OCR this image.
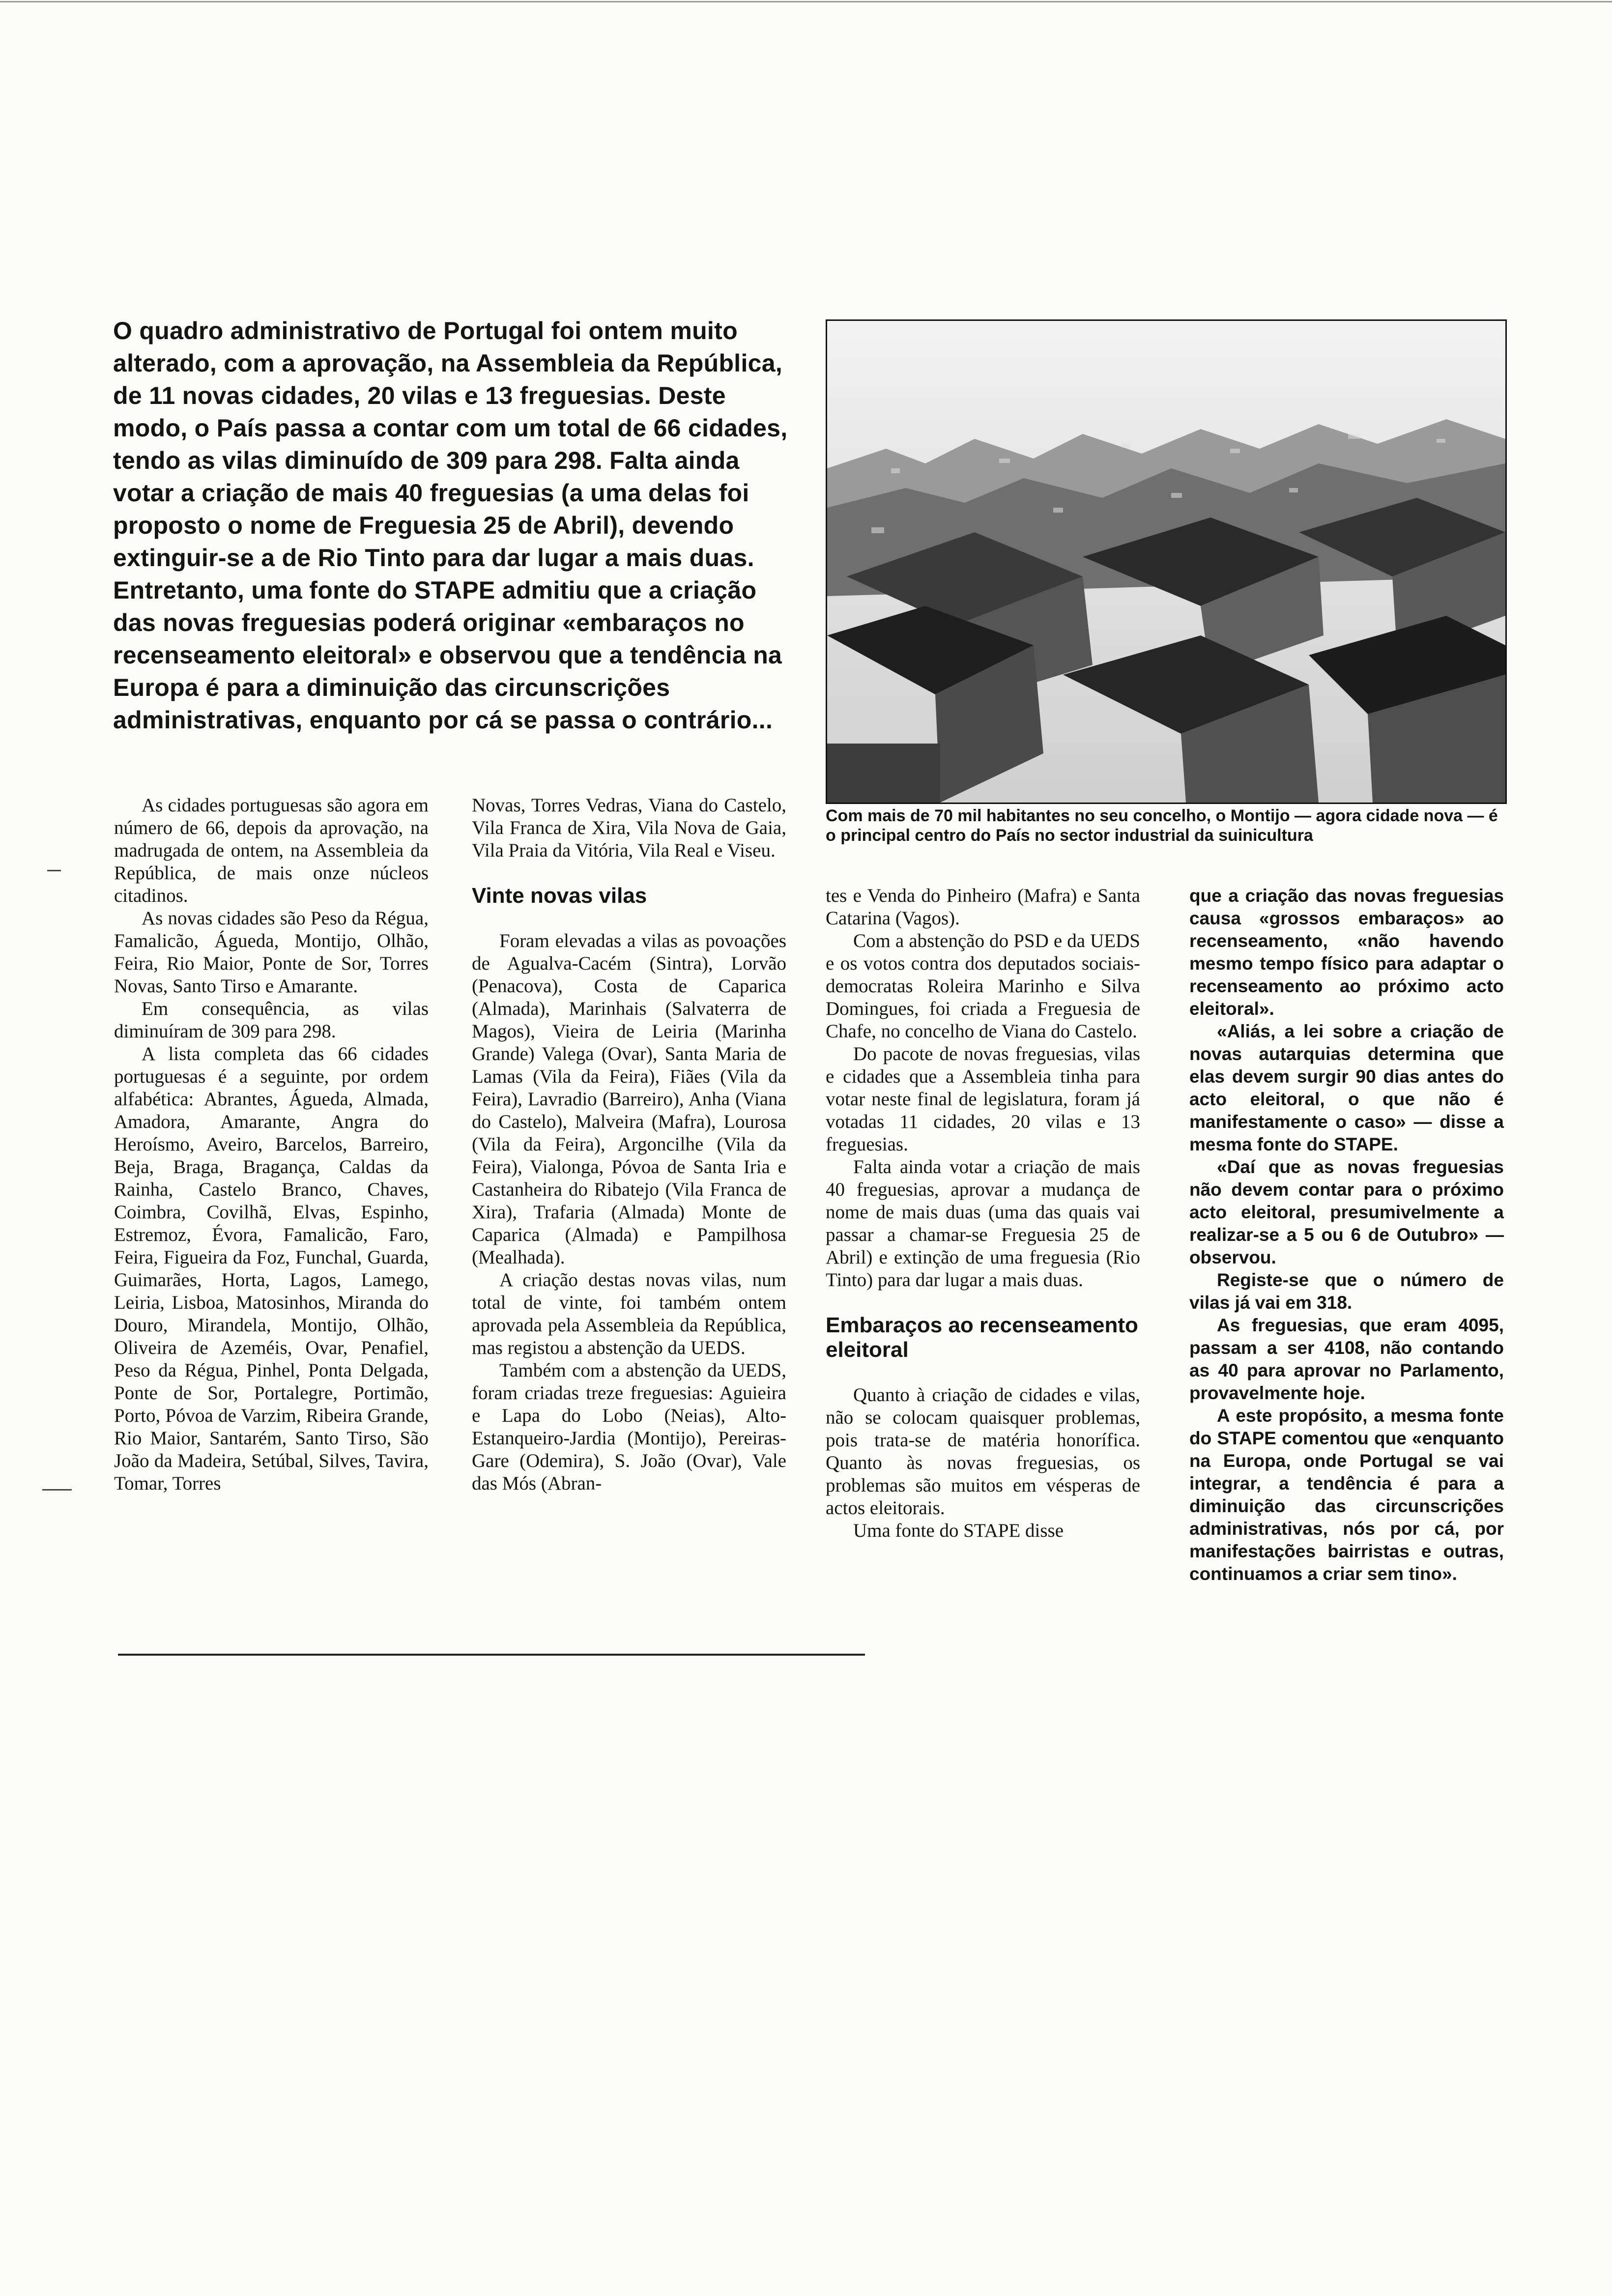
O quadro administrativo de Portugal foi ontem muito alterado, com a aprovação, na Assembleia da República, de 11 novas cidades, 20 vilas e 13 freguesias. Deste modo, o País passa a contar com um total de 66 cidades, tendo as vilas diminuído de 309 para 298. Falta ainda votar a criação de mais 40 freguesias (a uma delas foi proposto o nome de Freguesia 25 de Abril), devendo extinguir-se a de Rio Tinto para dar lugar a mais duas. Entretanto, uma fonte do STAPE admitiu que a criação das novas freguesias poderá originar «embaraços no recenseamento eleitoral» e observou que a tendência na Europa é para a diminuição das circunscrições administrativas, enquanto por cá se passa o contrário...
Com mais de 70 mil habitantes no seu concelho, o Montijo — agora cidade nova — é o principal centro do País no sector industrial da suinicultura

As cidades portuguesas são agora em número de 66, depois da aprovação, na madrugada de ontem, na Assembleia da República, de mais onze núcleos citadinos.

As novas cidades são Peso da Régua, Famalicão, Águeda, Montijo, Olhão, Feira, Rio Maior, Ponte de Sor, Torres Novas, Santo Tirso e Amarante.

Em consequência, as vilas diminuíram de 309 para 298.

A lista completa das 66 cidades portuguesas é a seguinte, por ordem alfabética: Abrantes, Águeda, Almada, Amadora, Amarante, Angra do Heroísmo, Aveiro, Barcelos, Barreiro, Beja, Braga, Bragança, Caldas da Rainha, Castelo Branco, Chaves, Coimbra, Covilhã, Elvas, Espinho, Estremoz, Évora, Famalicão, Faro, Feira, Figueira da Foz, Funchal, Guarda, Guimarães, Horta, Lagos, Lamego, Leiria, Lisboa, Matosinhos, Miranda do Douro, Mirandela, Montijo, Olhão, Oliveira de Azeméis, Ovar, Penafiel, Peso da Régua, Pinhel, Ponta Delgada, Ponte de Sor, Portalegre, Portimão, Porto, Póvoa de Varzim, Ribeira Grande, Rio Maior, Santarém, Santo Tirso, São João da Madeira, Setúbal, Silves, Tavira, Tomar, Torres

Novas, Torres Vedras, Viana do Castelo, Vila Franca de Xira, Vila Nova de Gaia, Vila Praia da Vitória, Vila Real e Viseu.

Vinte novas vilas

Foram elevadas a vilas as povoações de Agualva-Cacém (Sintra), Lorvão (Penacova), Costa de Caparica (Almada), Marinhais (Salvaterra de Magos), Vieira de Leiria (Marinha Grande) Valega (Ovar), Santa Maria de Lamas (Vila da Feira), Fiães (Vila da Feira), Lavradio (Barreiro), Anha (Viana do Castelo), Malveira (Mafra), Lourosa (Vila da Feira), Argoncilhe (Vila da Feira), Vialonga, Póvoa de Santa Iria e Castanheira do Ribatejo (Vila Franca de Xira), Trafaria (Almada) Monte de Caparica (Almada) e Pampilhosa (Mealhada).

A criação destas novas vilas, num total de vinte, foi também ontem aprovada pela Assembleia da República, mas registou a abstenção da UEDS.

Também com a abstenção da UEDS, foram criadas treze freguesias: Aguieira e Lapa do Lobo (Neias), Alto-Estanqueiro-Jardia (Montijo), Pereiras-Gare (Odemira), S. João (Ovar), Vale das Mós (Abran-

tes e Venda do Pinheiro (Mafra) e Santa Catarina (Vagos).

Com a abstenção do PSD e da UEDS e os votos contra dos deputados sociais-democratas Roleira Marinho e Silva Domingues, foi criada a Freguesia de Chafe, no concelho de Viana do Castelo.

Do pacote de novas freguesias, vilas e cidades que a Assembleia tinha para votar neste final de legislatura, foram já votadas 11 cidades, 20 vilas e 13 freguesias.

Falta ainda votar a criação de mais 40 freguesias, aprovar a mudança de nome de mais duas (uma das quais vai passar a chamar-se Freguesia 25 de Abril) e extinção de uma freguesia (Rio Tinto) para dar lugar a mais duas.

Embaraços ao recenseamento eleitoral

Quanto à criação de cidades e vilas, não se colocam quaisquer problemas, pois trata-se de matéria honorífica. Quanto às novas freguesias, os problemas são muitos em vésperas de actos eleitorais.

Uma fonte do STAPE disse

que a criação das novas freguesias causa «grossos embaraços» ao recenseamento, «não havendo mesmo tempo físico para adaptar o recenseamento ao próximo acto eleitoral».

«Aliás, a lei sobre a criação de novas autarquias determina que elas devem surgir 90 dias antes do acto eleitoral, o que não é manifestamente o caso» — disse a mesma fonte do STAPE.

«Daí que as novas freguesias não devem contar para o próximo acto eleitoral, presumivelmente a realizar-se a 5 ou 6 de Outubro» — observou.

Registe-se que o número de vilas já vai em 318.

As freguesias, que eram 4095, passam a ser 4108, não contando as 40 para aprovar no Parlamento, provavelmente hoje.

A este propósito, a mesma fonte do STAPE comentou que «enquanto na Europa, onde Portugal se vai integrar, a tendência é para a diminuição das circunscrições administrativas, nós por cá, por manifestações bairristas e outras, continuamos a criar sem tino».
